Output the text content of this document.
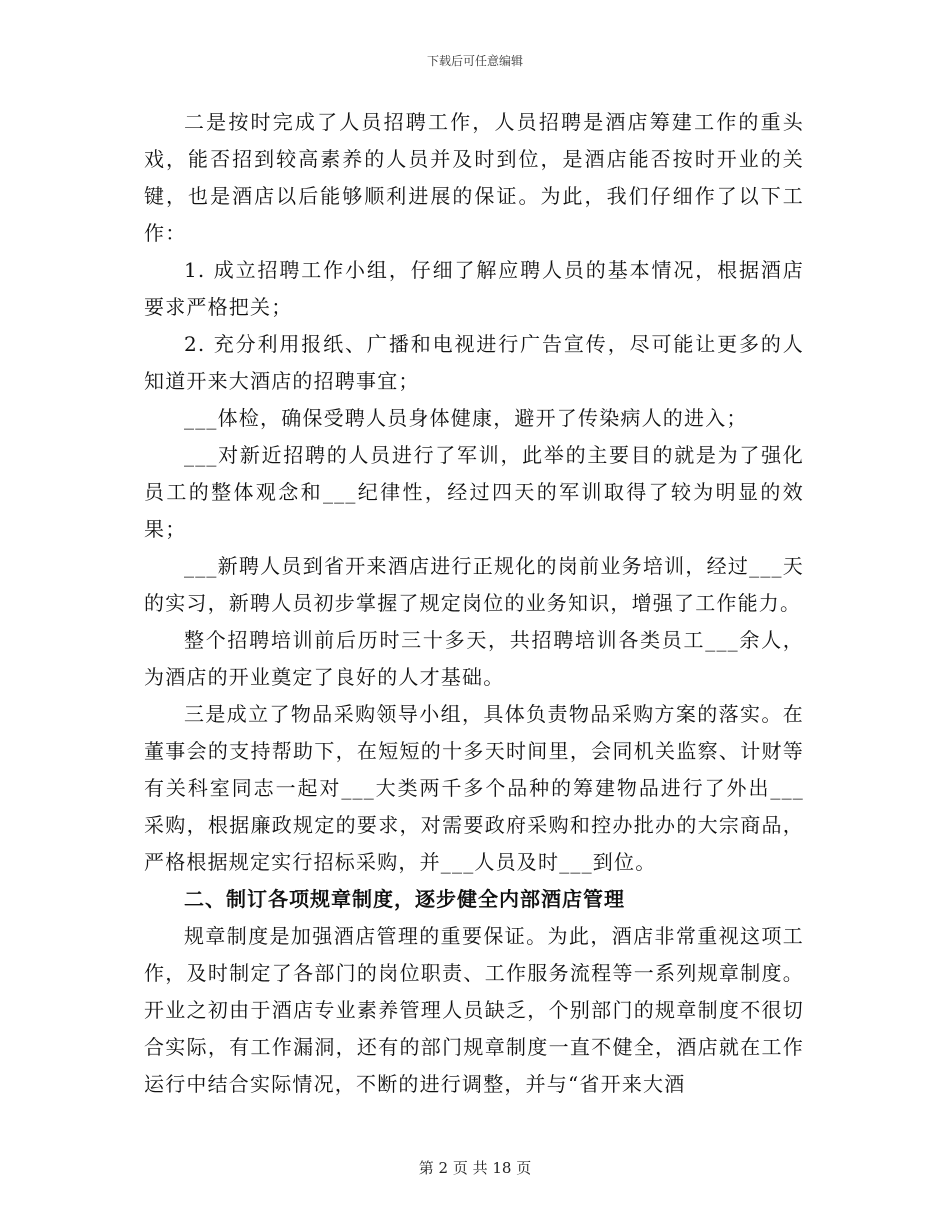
下载后可任意编辑

二是按时完成了人员招聘工作，人员招聘是酒店筹建工作的重头戏，能否招到较高素养的人员并及时到位，是酒店能否按时开业的关键，也是酒店以后能够顺利进展的保证。为此，我们仔细作了以下工作：

1. 成立招聘工作小组，仔细了解应聘人员的基本情况，根据酒店要求严格把关；

2. 充分利用报纸、广播和电视进行广告宣传，尽可能让更多的人知道开来大酒店的招聘事宜；

___体检，确保受聘人员身体健康，避开了传染病人的进入；

___对新近招聘的人员进行了军训，此举的主要目的就是为了强化员工的整体观念和___纪律性，经过四天的军训取得了较为明显的效果；

___新聘人员到省开来酒店进行正规化的岗前业务培训，经过___天的实习，新聘人员初步掌握了规定岗位的业务知识，增强了工作能力。

整个招聘培训前后历时三十多天，共招聘培训各类员工___余人，为酒店的开业奠定了良好的人才基础。

三是成立了物品采购领导小组，具体负责物品采购方案的落实。在董事会的支持帮助下，在短短的十多天时间里，会同机关监察、计财等有关科室同志一起对___大类两千多个品种的筹建物品进行了外出___采购，根据廉政规定的要求，对需要政府采购和控办批办的大宗商品，严格根据规定实行招标采购，并___人员及时___到位。

二、制订各项规章制度，逐步健全内部酒店管理

规章制度是加强酒店管理的重要保证。为此，酒店非常重视这项工作，及时制定了各部门的岗位职责、工作服务流程等一系列规章制度。开业之初由于酒店专业素养管理人员缺乏，个别部门的规章制度不很切合实际，有工作漏洞，还有的部门规章制度一直不健全，酒店就在工作运行中结合实际情况，不断的进行调整，并与“省开来大酒

第 2 页 共 18 页
